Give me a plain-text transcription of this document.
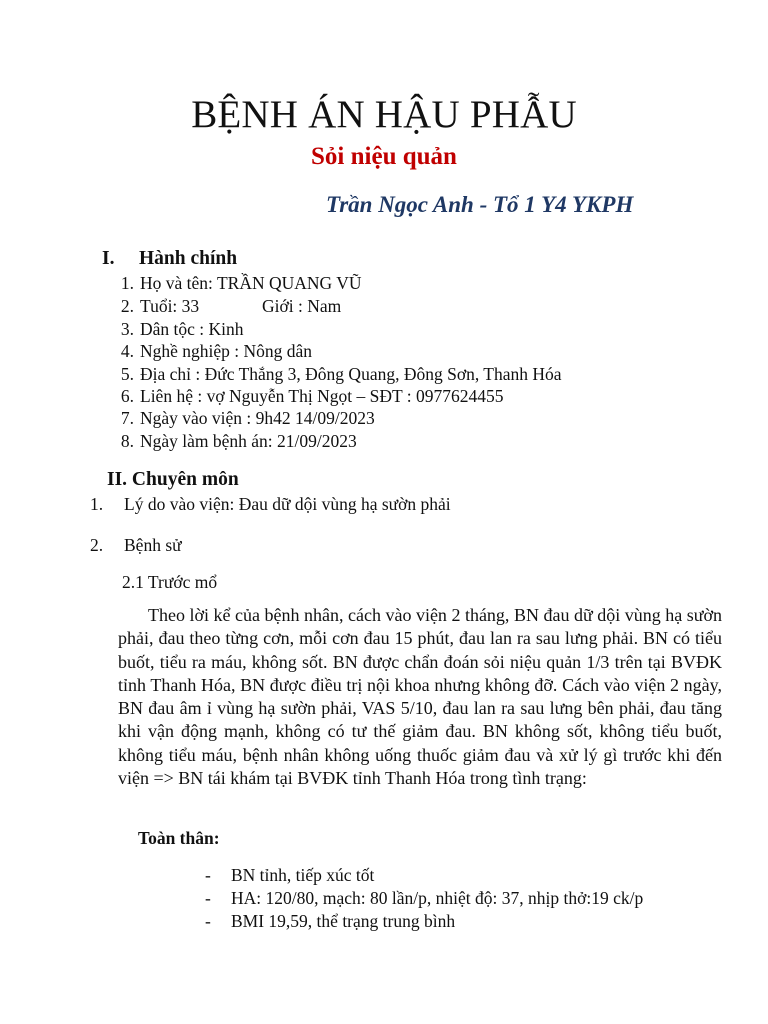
BỆNH ÁN HẬU PHẪU
Sỏi niệu quản
Trần Ngọc Anh - Tổ 1 Y4 YKPH
I. Hành chính
1. Họ và tên: TRẦN QUANG VŨ
2. Tuổi: 33	Giới : Nam
3. Dân tộc : Kinh
4. Nghề nghiệp : Nông dân
5. Địa chỉ : Đức Thắng 3, Đông Quang, Đông Sơn, Thanh Hóa
6. Liên hệ : vợ Nguyễn Thị Ngọt – SĐT : 0977624455
7. Ngày vào viện : 9h42 14/09/2023
8. Ngày làm bệnh án: 21/09/2023
II. Chuyên môn
1. Lý do vào viện: Đau dữ dội vùng hạ sườn phải
2. Bệnh sử
2.1 Trước mổ

Theo lời kể của bệnh nhân, cách vào viện 2 tháng, BN đau dữ dội vùng hạ sườn phải, đau theo từng cơn, mỗi cơn đau 15 phút, đau lan ra sau lưng phải. BN có tiểu buốt, tiểu ra máu, không sốt. BN được chẩn đoán sỏi niệu quản 1/3 trên tại BVĐK tỉnh Thanh Hóa, BN được điều trị nội khoa nhưng không đỡ. Cách vào viện 2 ngày, BN đau âm ỉ vùng hạ sườn phải, VAS 5/10, đau lan ra sau lưng bên phải, đau tăng khi vận động mạnh, không có tư thế giảm đau. BN không sốt, không tiểu buốt, không tiểu máu, bệnh nhân không uống thuốc giảm đau và xử lý gì trước khi đến viện => BN tái khám tại BVĐK tỉnh Thanh Hóa trong tình trạng:

Toàn thân:
- BN tỉnh, tiếp xúc tốt
- HA: 120/80, mạch: 80 lần/p, nhiệt độ: 37, nhịp thở:19 ck/p
- BMI 19,59, thể trạng trung bình
